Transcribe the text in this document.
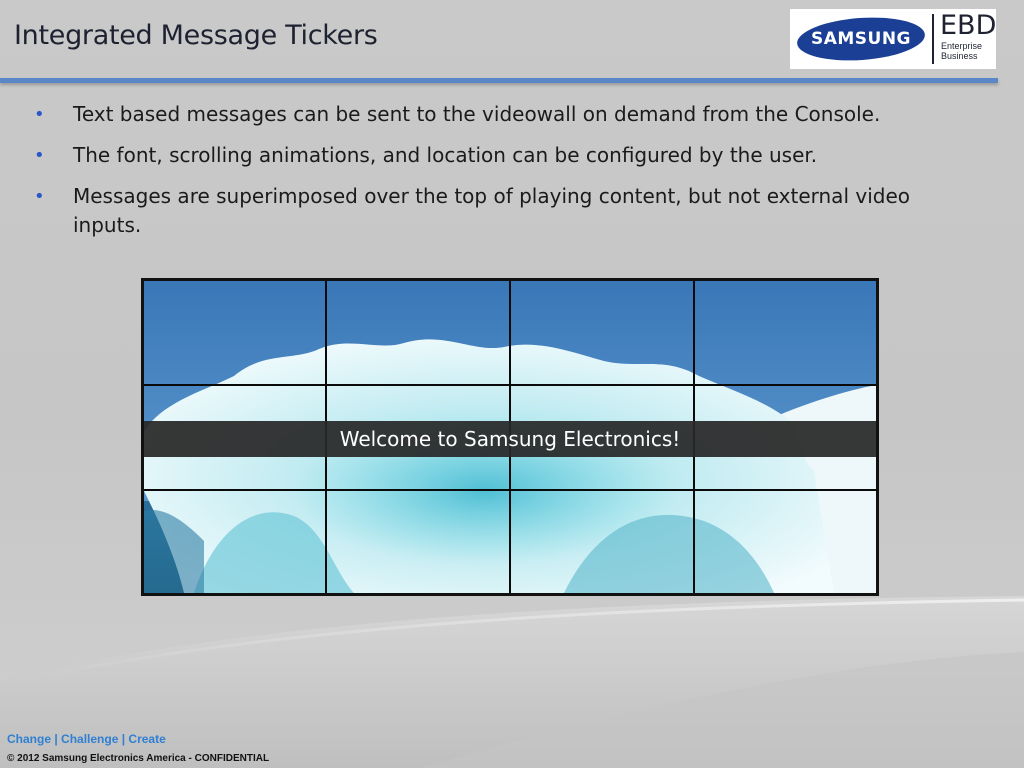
Integrated Message Tickers	SAMSUNG	EBD
Enterprise Business
• Text based messages can be sent to the videowall on demand from the Console.
• The font, scrolling animations, and location can be configured by the user.
• Messages are superimposed over the top of playing content, but not external video inputs.
Welcome to Samsung Electronics!
Change | Challenge | Create
© 2012 Samsung Electronics America - CONFIDENTIAL
